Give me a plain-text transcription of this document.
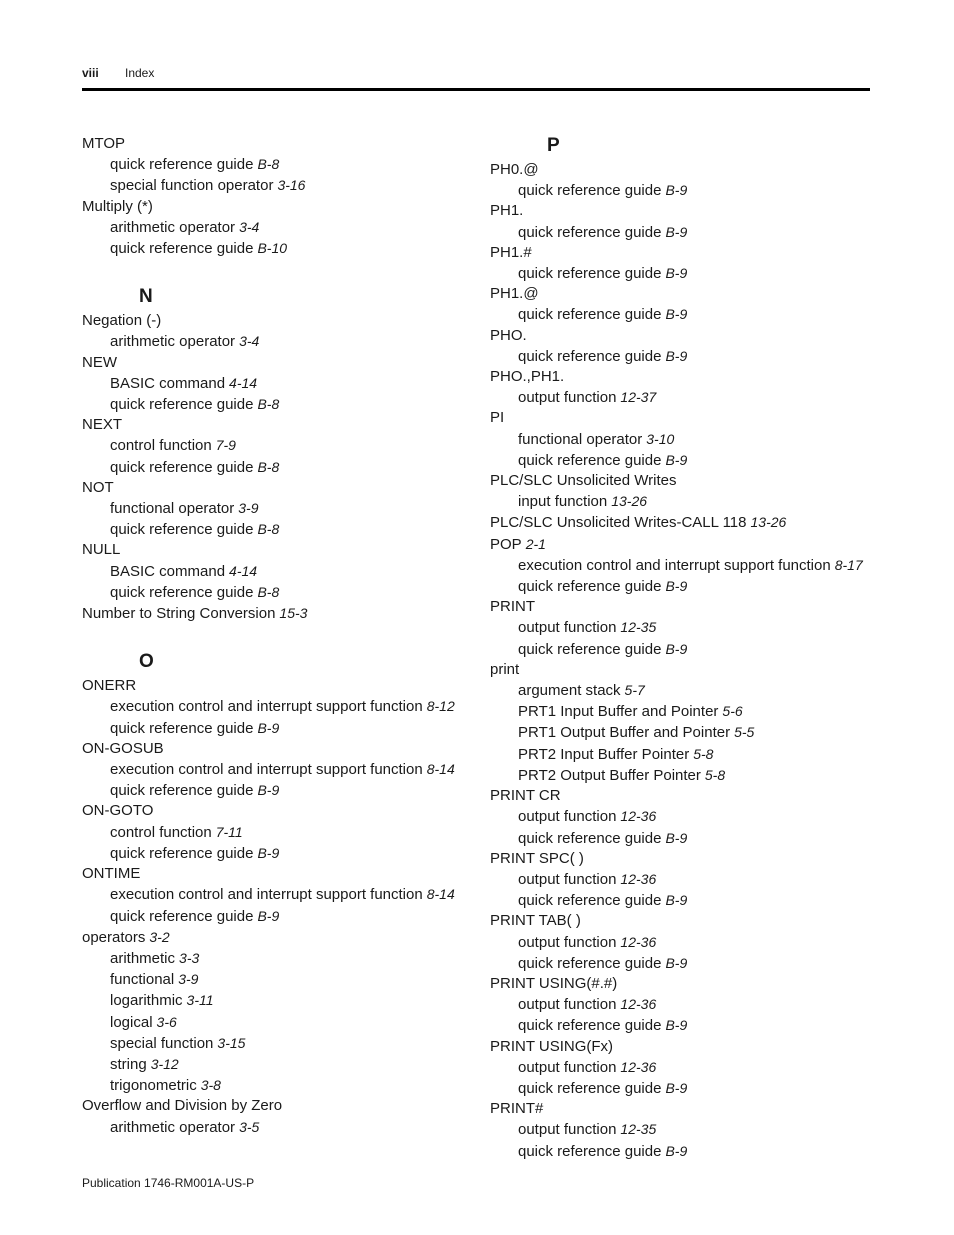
viii Index
MTOP
quick reference guide B-8
special function operator 3-16
Multiply (*)
arithmetic operator 3-4
quick reference guide B-10
N
Negation (-)
arithmetic operator 3-4
NEW
BASIC command 4-14
quick reference guide B-8
NEXT
control function 7-9
quick reference guide B-8
NOT
functional operator 3-9
quick reference guide B-8
NULL
BASIC command 4-14
quick reference guide B-8
Number to String Conversion 15-3
O
ONERR
execution control and interrupt support function 8-12
quick reference guide B-9
ON-GOSUB
execution control and interrupt support function 8-14
quick reference guide B-9
ON-GOTO
control function 7-11
quick reference guide B-9
ONTIME
execution control and interrupt support function 8-14
quick reference guide B-9
operators 3-2
arithmetic 3-3
functional 3-9
logarithmic 3-11
logical 3-6
special function 3-15
string 3-12
trigonometric 3-8
Overflow and Division by Zero
arithmetic operator 3-5
P
PH0.@
quick reference guide B-9
PH1.
quick reference guide B-9
PH1.#
quick reference guide B-9
PH1.@
quick reference guide B-9
PHO.
quick reference guide B-9
PHO.,PH1.
output function 12-37
PI
functional operator 3-10
quick reference guide B-9
PLC/SLC Unsolicited Writes
input function 13-26
PLC/SLC Unsolicited Writes-CALL 118 13-26
POP 2-1
execution control and interrupt support function 8-17
quick reference guide B-9
PRINT
output function 12-35
quick reference guide B-9
print
argument stack 5-7
PRT1 Input Buffer and Pointer 5-6
PRT1 Output Buffer and Pointer 5-5
PRT2 Input Buffer Pointer 5-8
PRT2 Output Buffer Pointer 5-8
PRINT CR
output function 12-36
quick reference guide B-9
PRINT SPC( )
output function 12-36
quick reference guide B-9
PRINT TAB( )
output function 12-36
quick reference guide B-9
PRINT USING(#.#)
output function 12-36
quick reference guide B-9
PRINT USING(Fx)
output function 12-36
quick reference guide B-9
PRINT#
output function 12-35
quick reference guide B-9
Publication 1746-RM001A-US-P
